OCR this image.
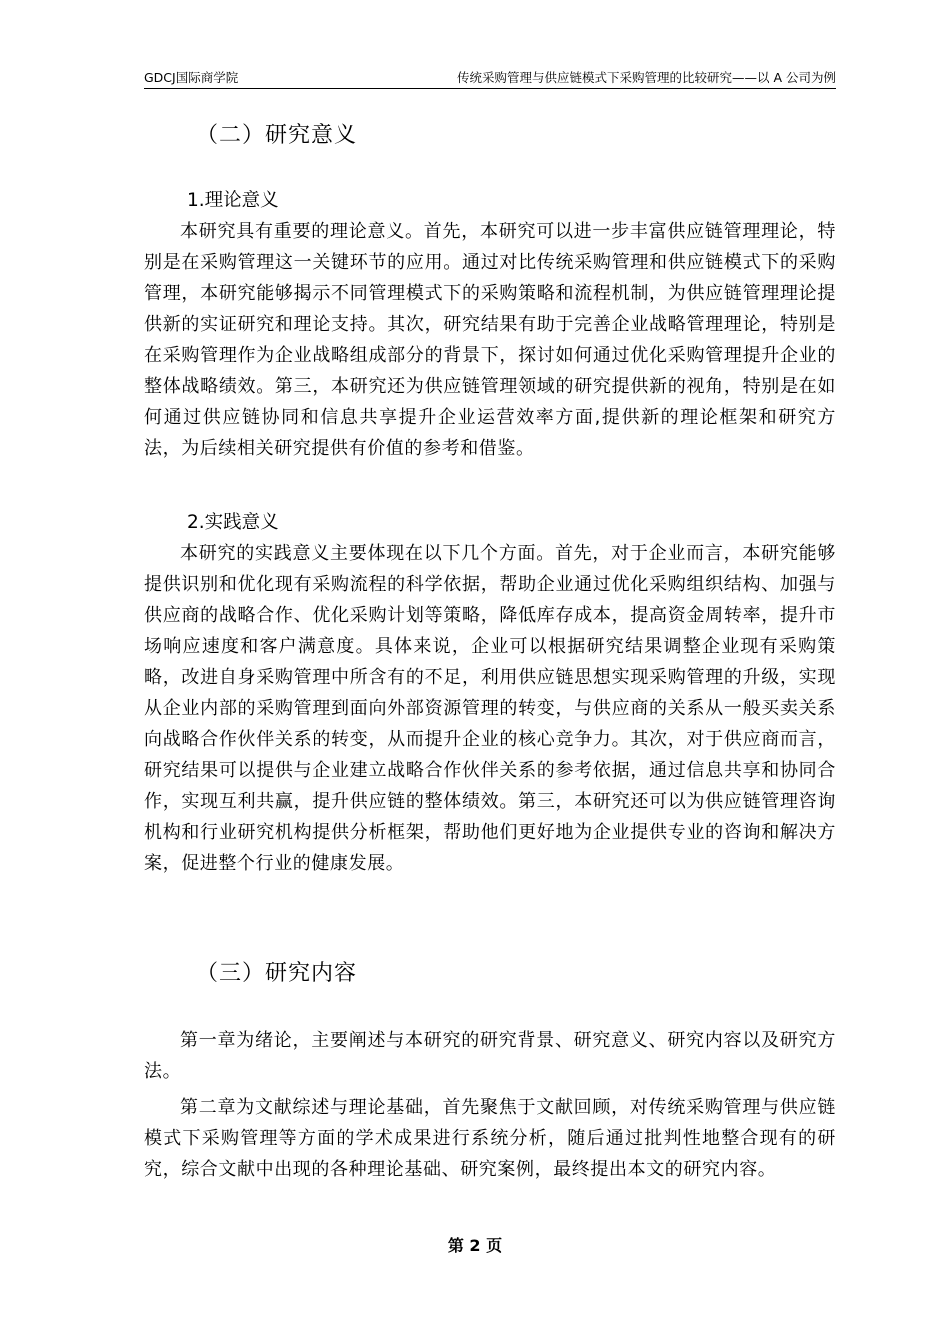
GDCJ国际商学院	传统采购管理与供应链模式下采购管理的比较研究——以 A 公司为例
（二）研究意义
1.理论意义

本研究具有重要的理论意义。首先，本研究可以进一步丰富供应链管理理论，特别是在采购管理这一关键环节的应用。通过对比传统采购管理和供应链模式下的采购管理，本研究能够揭示不同管理模式下的采购策略和流程机制，为供应链管理理论提供新的实证研究和理论支持。其次，研究结果有助于完善企业战略管理理论，特别是在采购管理作为企业战略组成部分的背景下，探讨如何通过优化采购管理提升企业的整体战略绩效。第三，本研究还为供应链管理领域的研究提供新的视角，特别是在如何通过供应链协同和信息共享提升企业运营效率方面,提供新的理论框架和研究方法，为后续相关研究提供有价值的参考和借鉴。

2.实践意义

本研究的实践意义主要体现在以下几个方面。首先，对于企业而言，本研究能够提供识别和优化现有采购流程的科学依据，帮助企业通过优化采购组织结构、加强与供应商的战略合作、优化采购计划等策略，降低库存成本，提高资金周转率，提升市场响应速度和客户满意度。具体来说，企业可以根据研究结果调整企业现有采购策略，改进自身采购管理中所含有的不足，利用供应链思想实现采购管理的升级，实现从企业内部的采购管理到面向外部资源管理的转变，与供应商的关系从一般买卖关系向战略合作伙伴关系的转变，从而提升企业的核心竞争力。其次，对于供应商而言，研究结果可以提供与企业建立战略合作伙伴关系的参考依据，通过信息共享和协同合作，实现互利共赢，提升供应链的整体绩效。第三，本研究还可以为供应链管理咨询机构和行业研究机构提供分析框架，帮助他们更好地为企业提供专业的咨询和解决方案，促进整个行业的健康发展。

（三）研究内容

第一章为绪论，主要阐述与本研究的研究背景、研究意义、研究内容以及研究方法。

第二章为文献综述与理论基础，首先聚焦于文献回顾，对传统采购管理与供应链模式下采购管理等方面的学术成果进行系统分析，随后通过批判性地整合现有的研究，综合文献中出现的各种理论基础、研究案例，最终提出本文的研究内容。

第 2 页
